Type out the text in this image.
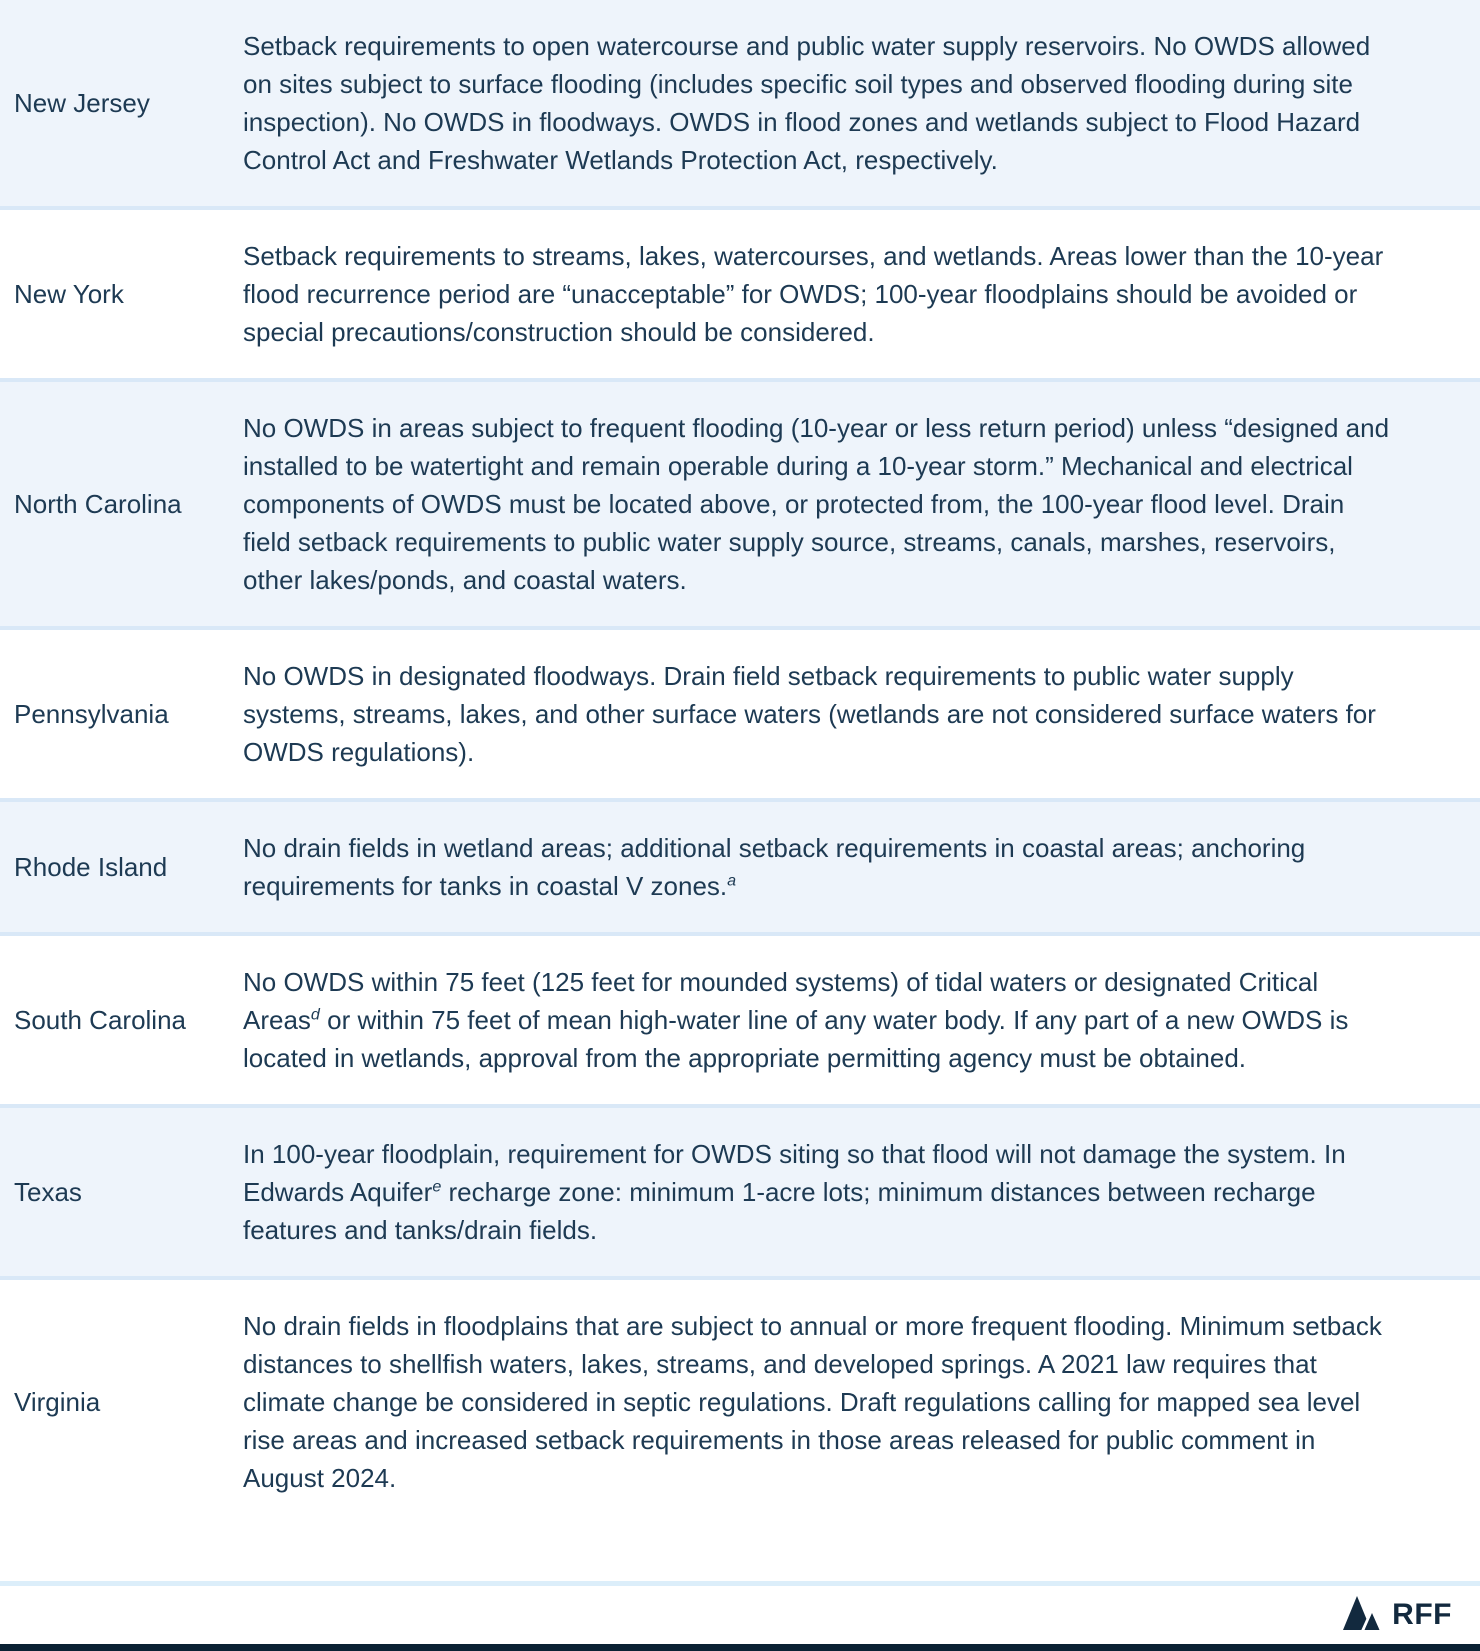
New Jersey
Setback requirements to open watercourse and public water supply reservoirs. No OWDS allowed on sites subject to surface flooding (includes specific soil types and observed flooding during site inspection). No OWDS in floodways. OWDS in flood zones and wetlands subject to Flood Hazard Control Act and Freshwater Wetlands Protection Act, respectively.
New York
Setback requirements to streams, lakes, watercourses, and wetlands. Areas lower than the 10-year flood recurrence period are “unacceptable” for OWDS; 100-year floodplains should be avoided or special precautions/construction should be considered.
North Carolina
No OWDS in areas subject to frequent flooding (10-year or less return period) unless “designed and installed to be watertight and remain operable during a 10-year storm.” Mechanical and electrical components of OWDS must be located above, or protected from, the 100-year flood level. Drain field setback requirements to public water supply source, streams, canals, marshes, reservoirs, other lakes/ponds, and coastal waters.
Pennsylvania
No OWDS in designated floodways. Drain field setback requirements to public water supply systems, streams, lakes, and other surface waters (wetlands are not considered surface waters for OWDS regulations).
Rhode Island
No drain fields in wetland areas; additional setback requirements in coastal areas; anchoring requirements for tanks in coastal V zones.$^a$
South Carolina
No OWDS within 75 feet (125 feet for mounded systems) of tidal waters or designated Critical Areas$^d$ or within 75 feet of mean high-water line of any water body. If any part of a new OWDS is located in wetlands, approval from the appropriate permitting agency must be obtained.
Texas
In 100-year floodplain, requirement for OWDS siting so that flood will not damage the system. In Edwards Aquifer$^e$ recharge zone: minimum 1-acre lots; minimum distances between recharge features and tanks/drain fields.
Virginia
No drain fields in floodplains that are subject to annual or more frequent flooding. Minimum setback distances to shellfish waters, lakes, streams, and developed springs. A 2021 law requires that climate change be considered in septic regulations. Draft regulations calling for mapped sea level rise areas and increased setback requirements in those areas released for public comment in August 2024.
RFF
